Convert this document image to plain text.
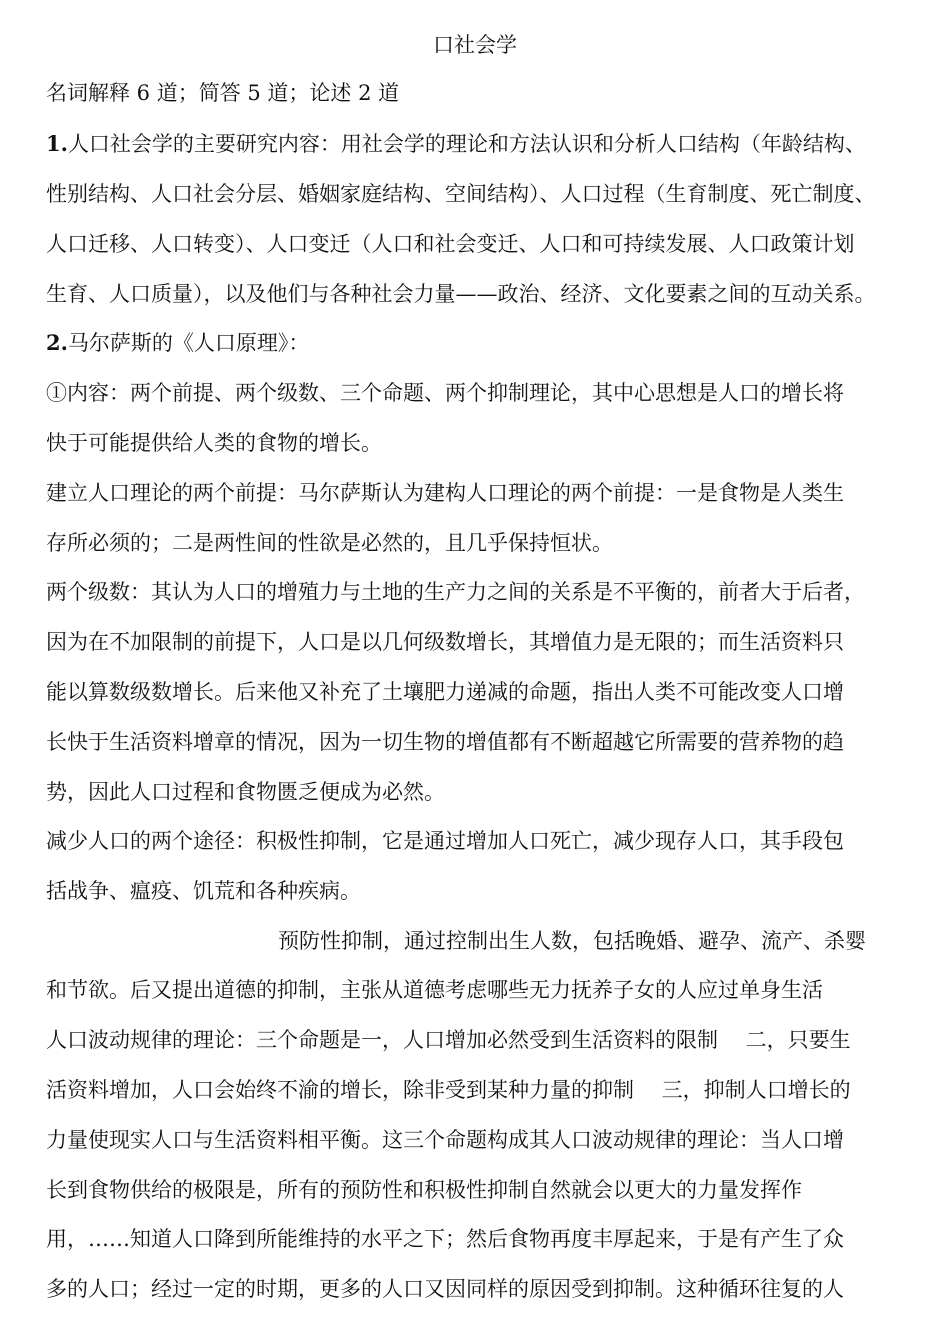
口社会学
名词解释 6 道；简答 5 道；论述 2 道
1.人口社会学的主要研究内容：用社会学的理论和方法认识和分析人口结构（年龄结构、
性别结构、人口社会分层、婚姻家庭结构、空间结构）、人口过程（生育制度、死亡制度、
人口迁移、人口转变）、人口变迁（人口和社会变迁、人口和可持续发展、人口政策计划
生育、人口质量），以及他们与各种社会力量——政治、经济、文化要素之间的互动关系。
2.马尔萨斯的《人口原理》：
①内容：两个前提、两个级数、三个命题、两个抑制理论，其中心思想是人口的增长将
快于可能提供给人类的食物的增长。
建立人口理论的两个前提：马尔萨斯认为建构人口理论的两个前提：一是食物是人类生
存所必须的；二是两性间的性欲是必然的，且几乎保持恒状。
两个级数：其认为人口的增殖力与土地的生产力之间的关系是不平衡的，前者大于后者，
因为在不加限制的前提下，人口是以几何级数增长，其增值力是无限的；而生活资料只
能以算数级数增长。后来他又补充了土壤肥力递减的命题，指出人类不可能改变人口增
长快于生活资料增章的情况，因为一切生物的增值都有不断超越它所需要的营养物的趋
势，因此人口过程和食物匮乏便成为必然。
减少人口的两个途径：积极性抑制，它是通过增加人口死亡，减少现存人口，其手段包
括战争、瘟疫、饥荒和各种疾病。
预防性抑制，通过控制出生人数，包括晚婚、避孕、流产、杀婴
和节欲。后又提出道德的抑制，主张从道德考虑哪些无力抚养子女的人应过单身生活
人口波动规律的理论：三个命题是一，人口增加必然受到生活资料的限制　 二，只要生
活资料增加，人口会始终不渝的增长，除非受到某种力量的抑制　 三，抑制人口增长的
力量使现实人口与生活资料相平衡。这三个命题构成其人口波动规律的理论：当人口增
长到食物供给的极限是，所有的预防性和积极性抑制自然就会以更大的力量发挥作
用，……知道人口降到所能维持的水平之下；然后食物再度丰厚起来，于是有产生了众
多的人口；经过一定的时期，更多的人口又因同样的原因受到抑制。这种循环往复的人
